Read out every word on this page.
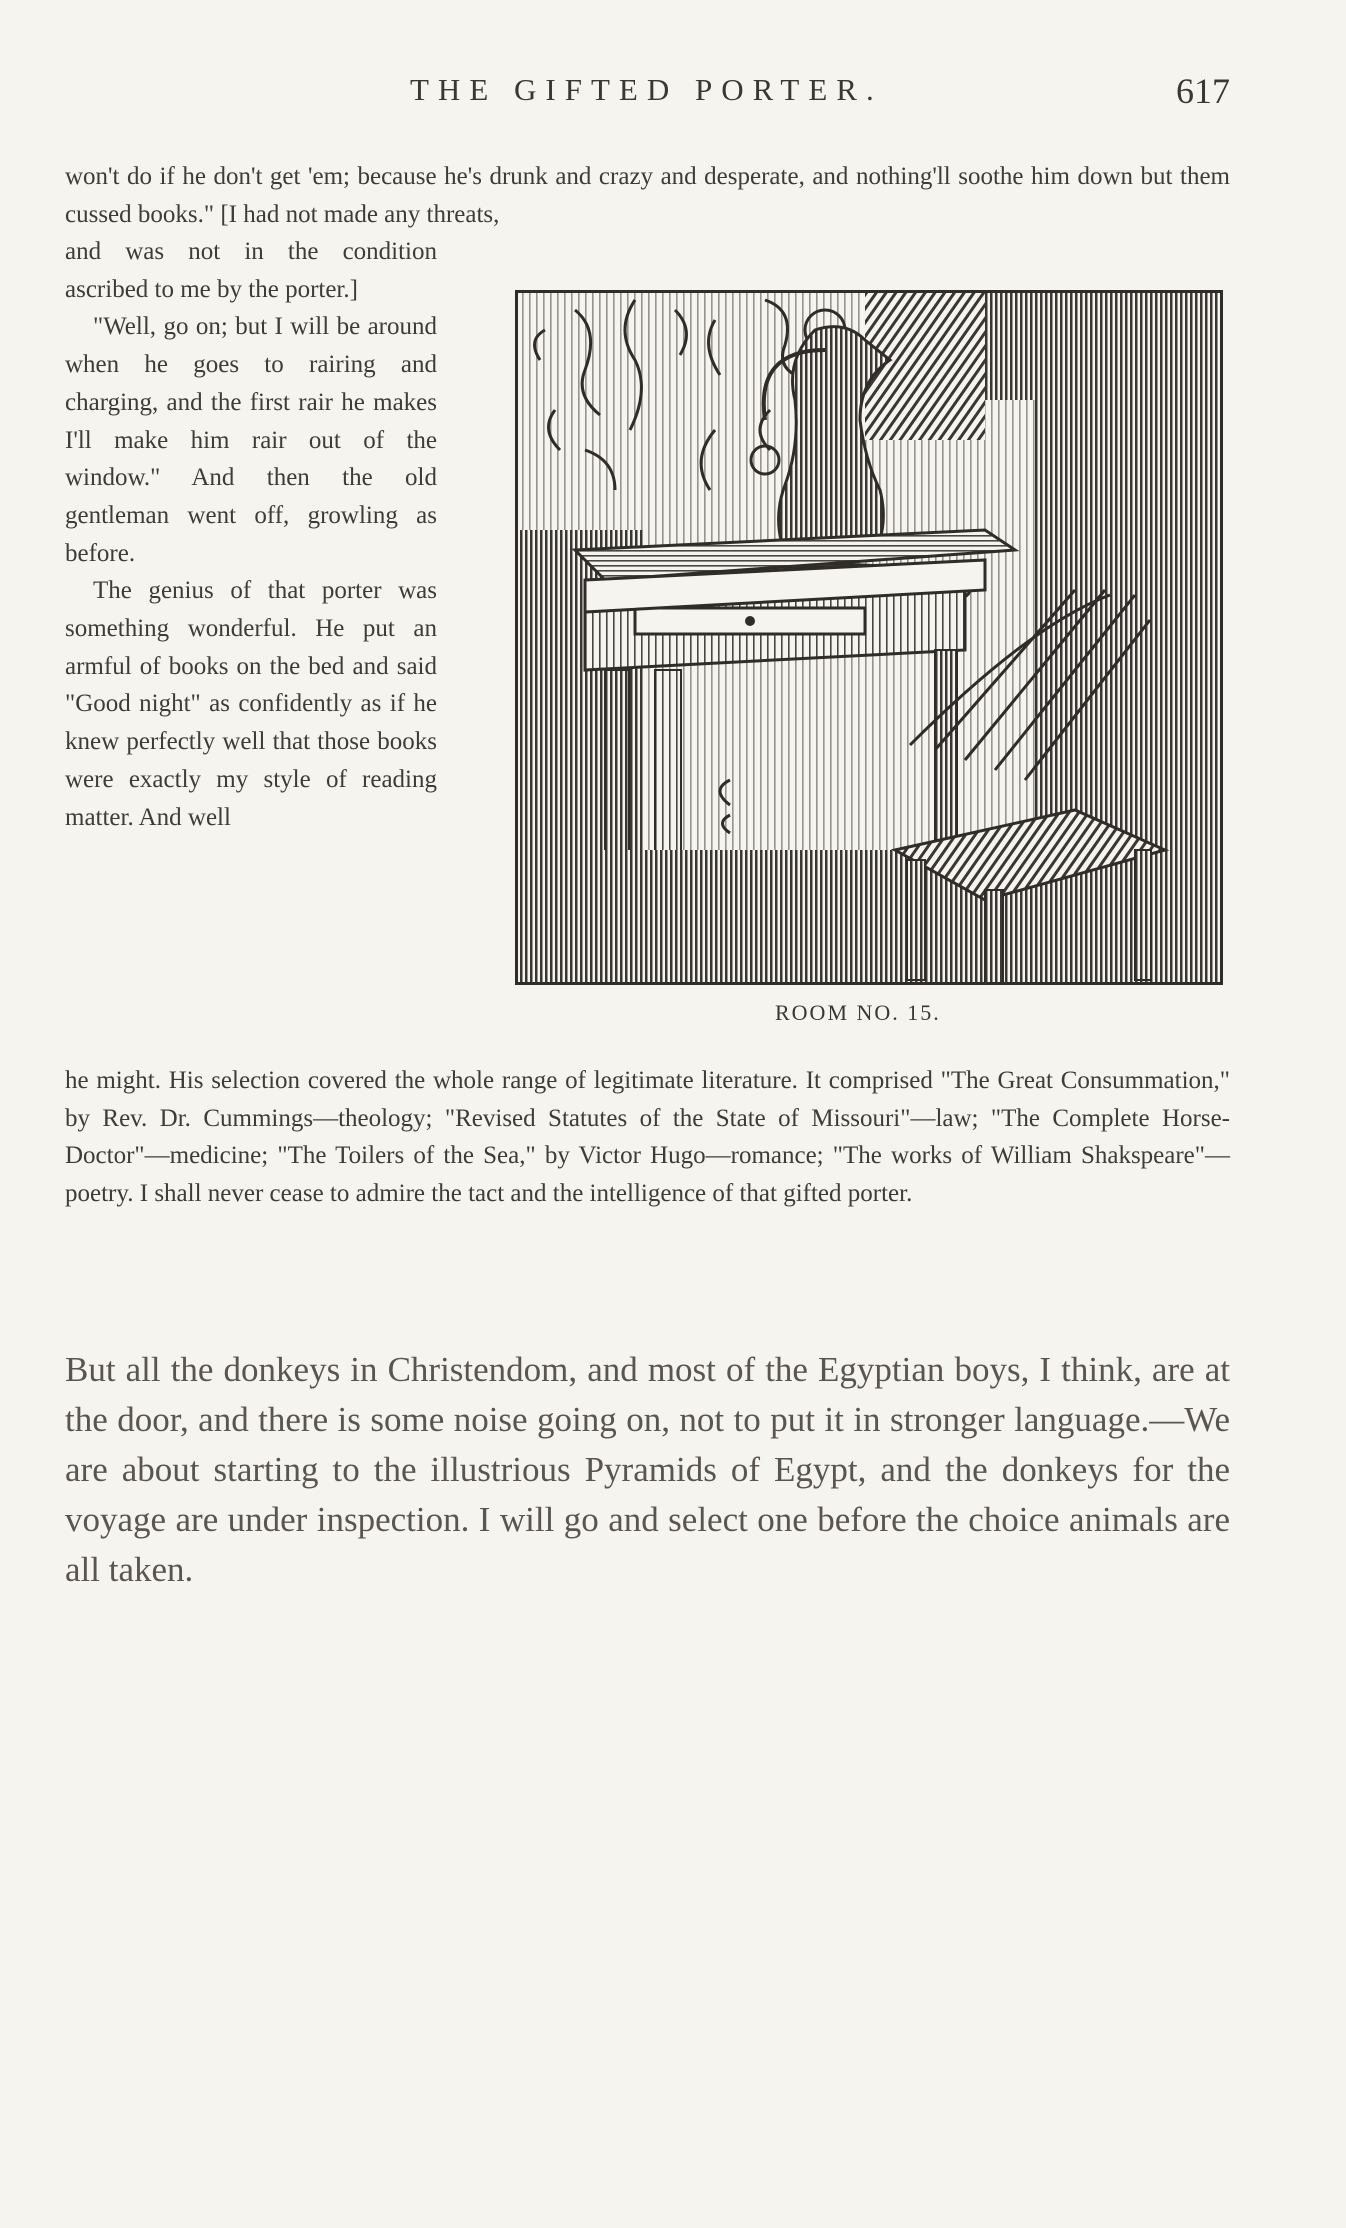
THE GIFTED PORTER.	617

won't do if he don't get 'em; because he's drunk and crazy and desperate, and nothing'll soothe him down but them cussed books." [I had not made any threats,

and was not in the condition ascribed to me by the porter.]

"Well, go on; but I will be around when he goes to rairing and charging, and the first rair he makes I'll make him rair out of the window." And then the old gentleman went off, growling as before.

The genius of that porter was something wonderful. He put an armful of books on the bed and said "Good night" as confidently as if he knew perfectly well that those books were exactly my style of reading matter. And well

ROOM NO. 15.

he might. His selection covered the whole range of legitimate literature. It comprised "The Great Consummation," by Rev. Dr. Cummings—theology; "Revised Statutes of the State of Missouri"—law; "The Complete Horse-Doctor"—medicine; "The Toilers of the Sea," by Victor Hugo—romance; "The works of William Shakspeare"—poetry. I shall never cease to admire the tact and the intelligence of that gifted porter.

But all the donkeys in Christendom, and most of the Egyptian boys, I think, are at the door, and there is some noise going on, not to put it in stronger language.—We are about starting to the illustrious Pyramids of Egypt, and the donkeys for the voyage are under inspection. I will go and select one before the choice animals are all taken.
